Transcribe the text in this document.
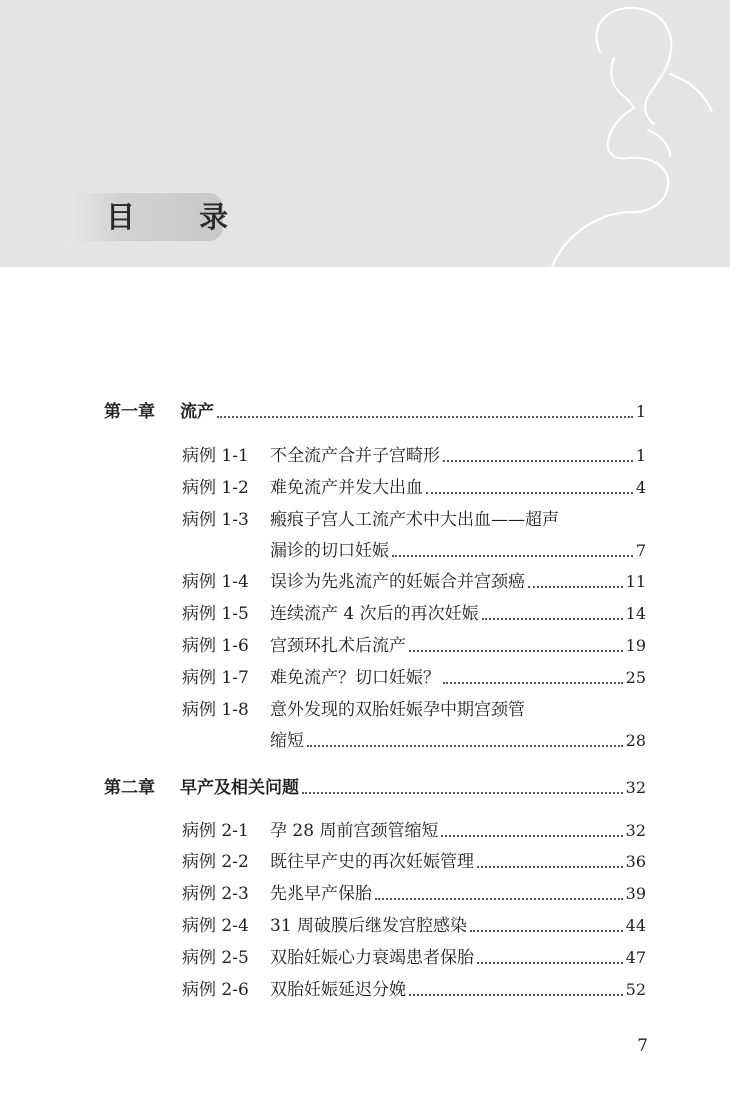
目 录
第一章	流产	1
病例 1-1	不全流产合并子宫畸形	1
病例 1-2	难免流产并发大出血	4
病例 1-3	瘢痕子宫人工流产术中大出血——超声
漏诊的切口妊娠	7
病例 1-4	误诊为先兆流产的妊娠合并宫颈癌	11
病例 1-5	连续流产 4 次后的再次妊娠	14
病例 1-6	宫颈环扎术后流产	19
病例 1-7	难免流产？切口妊娠？	25
病例 1-8	意外发现的双胎妊娠孕中期宫颈管
缩短	28
第二章	早产及相关问题	32
病例 2-1	孕 28 周前宫颈管缩短	32
病例 2-2	既往早产史的再次妊娠管理	36
病例 2-3	先兆早产保胎	39
病例 2-4	31 周破膜后继发宫腔感染	44
病例 2-5	双胎妊娠心力衰竭患者保胎	47
病例 2-6	双胎妊娠延迟分娩	52
7
